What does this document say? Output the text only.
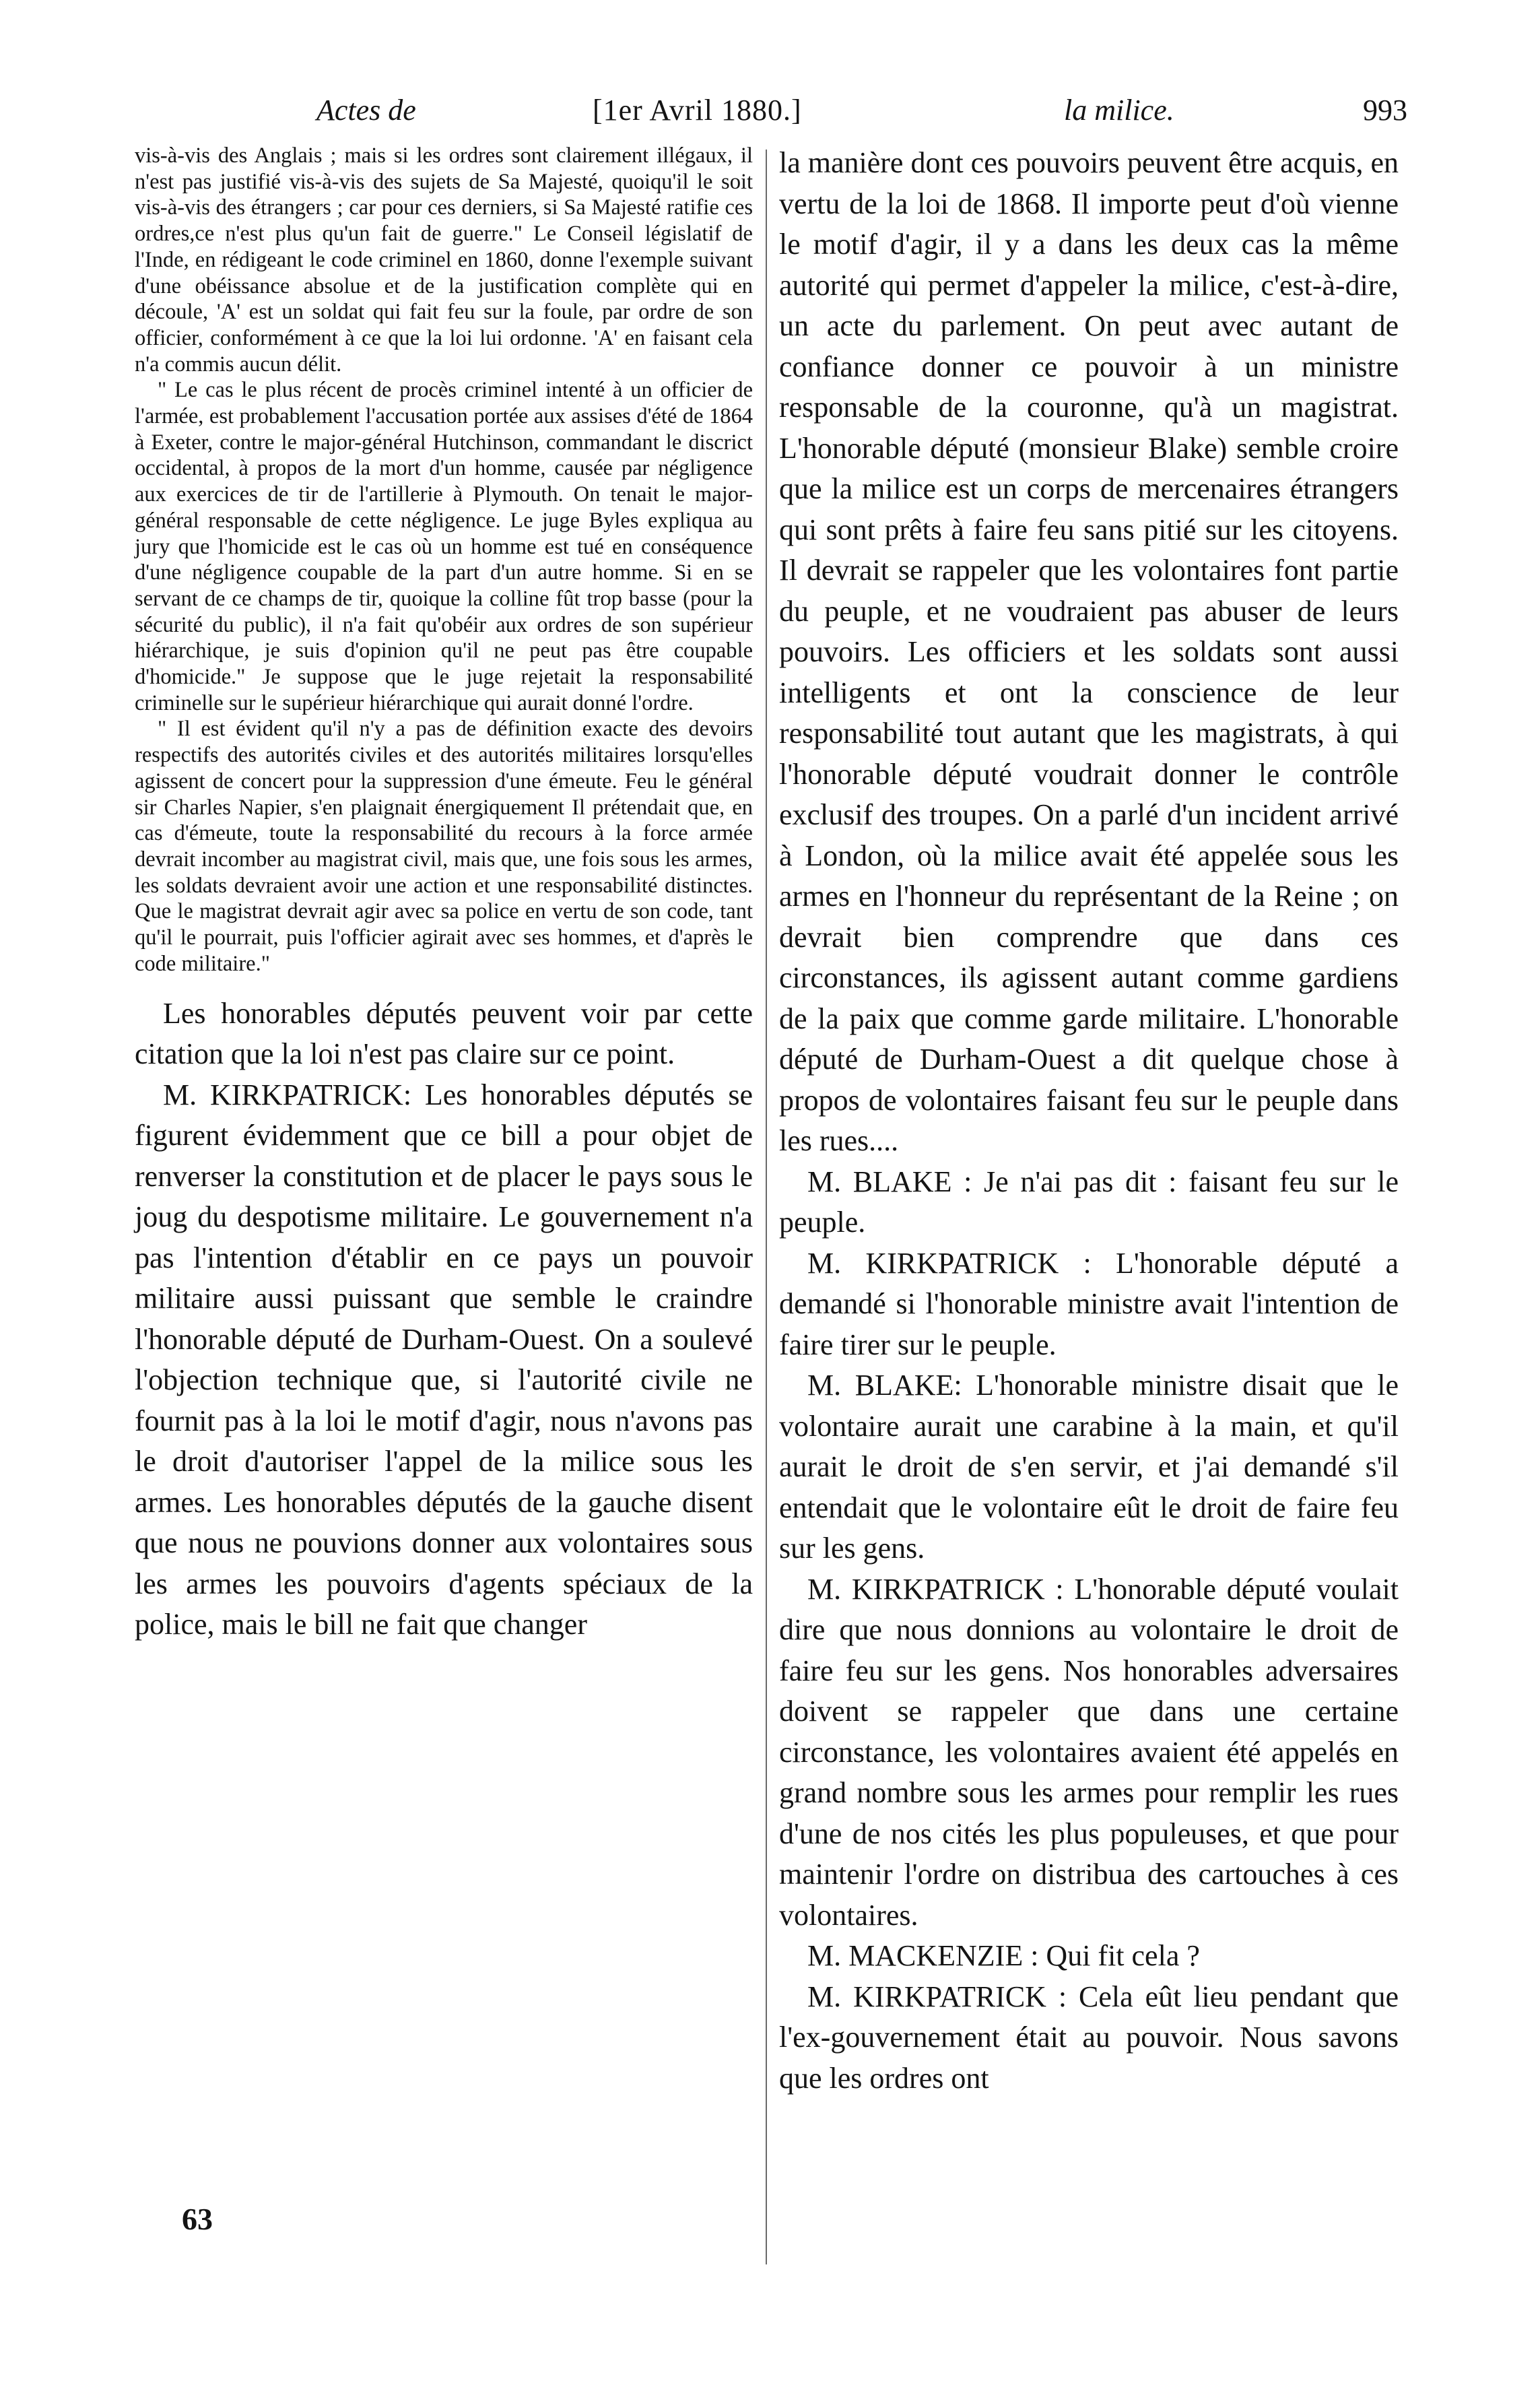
Actes de	[1er Avril 1880.]	la milice.	993

vis-à-vis des Anglais ; mais si les ordres sont clairement illégaux, il n'est pas justifié vis-à-vis des sujets de Sa Majesté, quoiqu'il le soit vis-à-vis des étrangers ; car pour ces derniers, si Sa Majesté ratifie ces ordres,ce n'est plus qu'un fait de guerre." Le Conseil législatif de l'Inde, en rédigeant le code criminel en 1860, donne l'exemple suivant d'une obéissance absolue et de la justification complète qui en découle, 'A' est un soldat qui fait feu sur la foule, par ordre de son officier, conformément à ce que la loi lui ordonne. 'A' en faisant cela n'a commis aucun délit.

" Le cas le plus récent de procès criminel intenté à un officier de l'armée, est probablement l'accusation portée aux assises d'été de 1864 à Exeter, contre le major-général Hutchinson, commandant le discrict occidental, à propos de la mort d'un homme, causée par négligence aux exercices de tir de l'artillerie à Plymouth. On tenait le major-général responsable de cette négligence. Le juge Byles expliqua au jury que l'homicide est le cas où un homme est tué en conséquence d'une négligence coupable de la part d'un autre homme. Si en se servant de ce champs de tir, quoique la colline fût trop basse (pour la sécurité du public), il n'a fait qu'obéir aux ordres de son supérieur hiérarchique, je suis d'opinion qu'il ne peut pas être coupable d'homicide." Je suppose que le juge rejetait la responsabilité criminelle sur le supérieur hiérarchique qui aurait donné l'ordre.

" Il est évident qu'il n'y a pas de définition exacte des devoirs respectifs des autorités civiles et des autorités militaires lorsqu'elles agissent de concert pour la suppression d'une émeute. Feu le général sir Charles Napier, s'en plaignait énergiquement Il prétendait que, en cas d'émeute, toute la responsabilité du recours à la force armée devrait incomber au magistrat civil, mais que, une fois sous les armes, les soldats devraient avoir une action et une responsabilité distinctes. Que le magistrat devrait agir avec sa police en vertu de son code, tant qu'il le pourrait, puis l'officier agirait avec ses hommes, et d'après le code militaire."

Les honorables députés peuvent voir par cette citation que la loi n'est pas claire sur ce point.

M. KIRKPATRICK: Les honorables députés se figurent évidemment que ce bill a pour objet de renverser la constitution et de placer le pays sous le joug du despotisme militaire. Le gouvernement n'a pas l'intention d'établir en ce pays un pouvoir militaire aussi puissant que semble le craindre l'honorable député de Durham-Ouest. On a soulevé l'objection technique que, si l'autorité civile ne fournit pas à la loi le motif d'agir, nous n'avons pas le droit d'autoriser l'appel de la milice sous les armes. Les honorables députés de la gauche disent que nous ne pouvions donner aux volontaires sous les armes les pouvoirs d'agents spéciaux de la police, mais le bill ne fait que changer

la manière dont ces pouvoirs peuvent être acquis, en vertu de la loi de 1868. Il importe peut d'où vienne le motif d'agir, il y a dans les deux cas la même autorité qui permet d'appeler la milice, c'est-à-dire, un acte du parlement. On peut avec autant de confiance donner ce pouvoir à un ministre responsable de la couronne, qu'à un magistrat. L'honorable député (monsieur Blake) semble croire que la milice est un corps de mercenaires étrangers qui sont prêts à faire feu sans pitié sur les citoyens. Il devrait se rappeler que les volontaires font partie du peuple, et ne voudraient pas abuser de leurs pouvoirs. Les officiers et les soldats sont aussi intelligents et ont la conscience de leur responsabilité tout autant que les magistrats, à qui l'honorable député voudrait donner le contrôle exclusif des troupes. On a parlé d'un incident arrivé à London, où la milice avait été appelée sous les armes en l'honneur du représentant de la Reine ; on devrait bien comprendre que dans ces circonstances, ils agissent autant comme gardiens de la paix que comme garde militaire. L'honorable député de Durham-Ouest a dit quelque chose à propos de volontaires faisant feu sur le peuple dans les rues....

M. BLAKE : Je n'ai pas dit : faisant feu sur le peuple.

M. KIRKPATRICK : L'honorable député a demandé si l'honorable ministre avait l'intention de faire tirer sur le peuple.

M. BLAKE: L'honorable ministre disait que le volontaire aurait une carabine à la main, et qu'il aurait le droit de s'en servir, et j'ai demandé s'il entendait que le volontaire eût le droit de faire feu sur les gens.

M. KIRKPATRICK : L'honorable député voulait dire que nous donnions au volontaire le droit de faire feu sur les gens. Nos honorables adversaires doivent se rappeler que dans une certaine circonstance, les volontaires avaient été appelés en grand nombre sous les armes pour remplir les rues d'une de nos cités les plus populeuses, et que pour maintenir l'ordre on distribua des cartouches à ces volontaires.

M. MACKENZIE : Qui fit cela ?

M. KIRKPATRICK : Cela eût lieu pendant que l'ex-gouvernement était au pouvoir. Nous savons que les ordres ont

63
